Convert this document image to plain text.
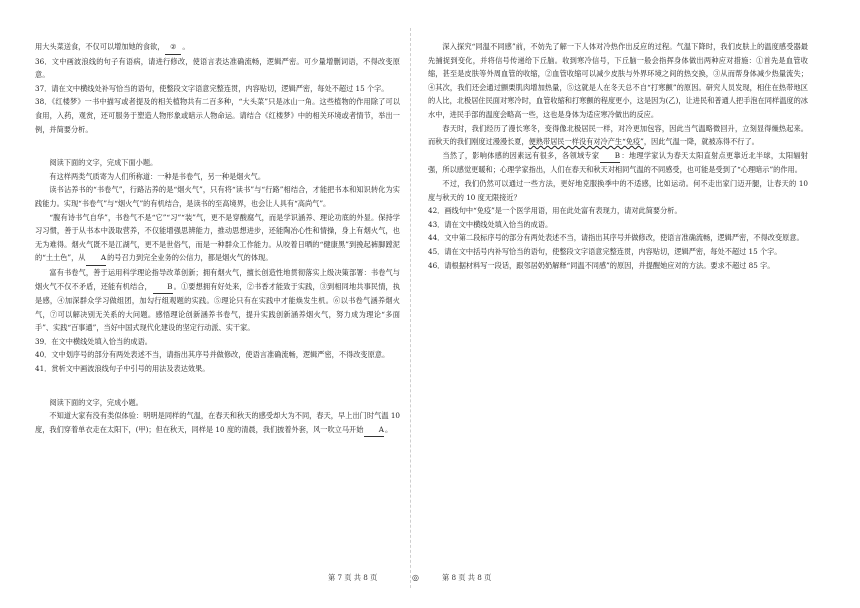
用大头菜送食，不仅可以增加她的食欲， ② 。
36．文中画波浪线的句子有语病，请进行修改，使语言表达准确流畅，逻辑严密。可少量增删词语，不得改变原意。
37．请在文中横线处补写恰当的语句，使整段文字语意完整连贯，内容贴切，逻辑严密，每处不超过 15 个字。
38．《红楼梦》一书中描写或者提及的相关植物共有二百多种，“大头菜”只是冰山一角。这些植物的作用除了可以食用，入药，观赏，还可服务于塑造人物形象或暗示人物命运。请结合《红楼梦》中的相关环境或者情节，举出一例，并简要分析。
阅读下面的文字，完成下面小题。
有这样两类气质寄为人们所称道：一种是书卷气，另一种是烟火气。
读书沾养书的“书卷气”，行路沾养的是“烟火气”，只有将“读书”与“行路”相结合，才能把书本和知识转化为实践能力。实现“书卷气”与“烟火气”的有机结合，是读书的至高境界，也会让人具有“高尚气”。
“腹有诗书气自华”，书卷气不是“它”“习”“装”气，更不是穿酸腐气，而是学识涵养、理论功底的外显。保持学习习惯，善于从书本中汲取营养，不仅能增强思辨能力，推动思想进步，还能陶冶心性和情操，身上有烟火气，也无为难得。烟火气既不是江湖气，更不是世俗气，而是一种群众工作能力。从咬着日晒的“健康黑”到挽起裤脚蹚泥的“土土色”，从 A的号召力到完全业务的公信力，都是烟火气的体现。
富有书卷气，善于运用科学理论指导改革创新；拥有烟火气，擅长创造性地贯彻落实上级决策部署：书卷气与烟火气不仅不矛盾，还能有机结合， B。①要想拥有好处来，②书香才能致于实践，③到相同地共事民情，执是感，④加深群众学习做组团，加勾行组观题的实践。⑤理论只有在实践中才能焕发生机。⑥以书卷气涵养烟火气，⑦可以解决别无关系的大问题。感悟理论创新涵养书卷气，提升实践创新涵养烟火气，努力成为理论“多面手”、实践“百事通”，当好中国式现代化建设的坚定行动派、实干家。
39．在文中横线处填入恰当的成语。
40．文中划序号的部分有两处表述不当，请指出其序号并做修改，使语言准确流畅，逻辑严密，不得改变原意。
41．赏析文中画波浪线句子中引号的用法及表达效果。
阅读下面的文字，完成小题。
不知道大家有没有类似体验：明明是同样的气温，在春天和秋天的感受却大为不同，春天，早上出门时气温 10 度，我们穿着单衣走在太阳下，(甲)；但在秋天，同样是 10 度的清晨，我们披着外套，风一吹立马开始 A。
深入探究“同温不同感”前，不妨先了解一下人体对冷热作出反应的过程。气温下降时，我们皮肤上的温度感受器最先捕捉到变化，并将信号传递给下丘脑。收到寒冷信号，下丘脑一般会指挥身体做出两种应对措施：①首先是血管收缩，甚至是皮肤等外周血管的收缩，②血管收缩可以减少皮肤与外界环境之间的热交换，③从而帮身体减少热量流失；④其次，我们还会通过颤栗肌肉增加热量，⑤这就是人在冬天总不自“打寒颤”的原因。研究人员发现，相住在热带地区的人比，北极居住民面对寒冷时，血管收缩和打寒颤的程度更小，这是因为(乙)，让进民和普通人把手泡在同样温度的冰水中，进民手部的温度会略高一些，这也是身体为适应寒冷做出的反应。
春天时，我们经历了漫长寒冬，变得像北极居民一样，对冷更加包容，因此当气温略微回升，立刻显得燥热起来。而秋天的我们刚度过漫漫长夏，便熟带居民一样没有对冷产生“免疫”，因此气温一降，就被冻得不行了。
当然了，影响体感的因素远有很多，各领域专家 B：地理学家认为春天太阳直射点更靠近北半球，太阳辐射强，所以感觉更暖和；心理学家指出，人们在春天和秋天对相同气温的不同感受，也可能是受到了“心理暗示”的作用。
不过，我们仍然可以通过一些方法，更好地克服换季中的不适感，比如运动。何不走出家门迈开腿，让春天的 10 度与秋天的 10 度无限接近？
42．画线句中“免疫”是一个医学用语，用在此处富有表现力，请对此简要分析。
43．请在文中横线处填入恰当的成语。
44．文中第二段标序号的部分有两处表述不当，请指出其序号并做修改，使语言准确流畅，逻辑严密，不得改变原意。
45．请在文中括号内补写恰当的语句，使整段文字语意完整连贯，内容贴切，逻辑严密，每处不超过 15 个字。
46．请根据材料写一段话，跟邻居奶奶解释“同温不同感”的原因，并提醒她应对的方法。要求不超过 85 字。
第 7 页 共 8 页	◎	第 8 页 共 8 页
